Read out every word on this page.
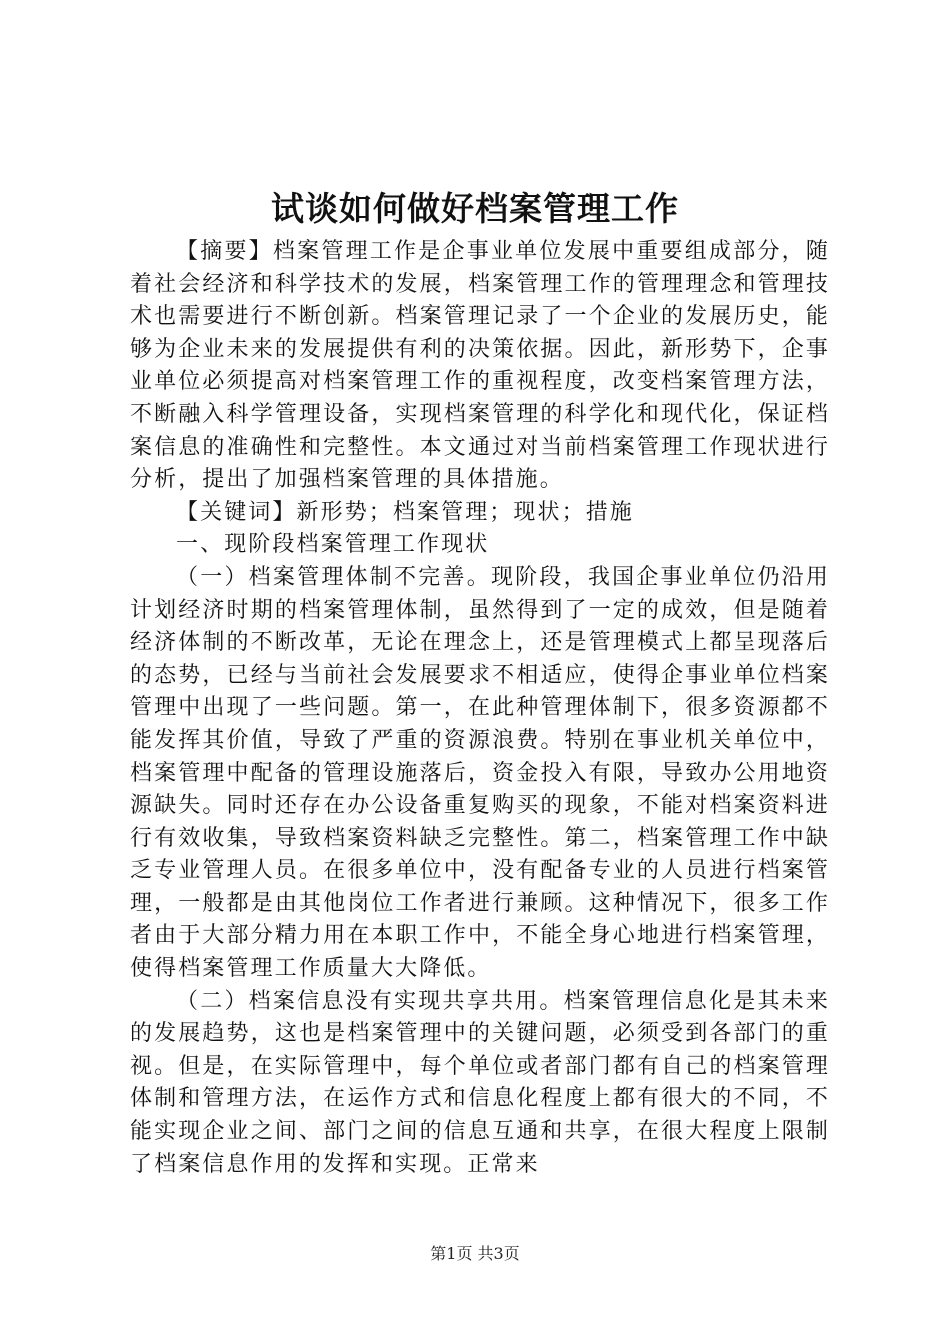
试谈如何做好档案管理工作

【摘要】档案管理工作是企事业单位发展中重要组成部分，随着社会经济和科学技术的发展，档案管理工作的管理理念和管理技术也需要进行不断创新。档案管理记录了一个企业的发展历史，能够为企业未来的发展提供有利的决策依据。因此，新形势下，企事业单位必须提高对档案管理工作的重视程度，改变档案管理方法，不断融入科学管理设备，实现档案管理的科学化和现代化，保证档案信息的准确性和完整性。本文通过对当前档案管理工作现状进行分析，提出了加强档案管理的具体措施。

【关键词】新形势；档案管理；现状；措施

一、现阶段档案管理工作现状

（一）档案管理体制不完善。现阶段，我国企事业单位仍沿用计划经济时期的档案管理体制，虽然得到了一定的成效，但是随着经济体制的不断改革，无论在理念上，还是管理模式上都呈现落后的态势，已经与当前社会发展要求不相适应，使得企事业单位档案管理中出现了一些问题。第一，在此种管理体制下，很多资源都不能发挥其价值，导致了严重的资源浪费。特别在事业机关单位中，档案管理中配备的管理设施落后，资金投入有限，导致办公用地资源缺失。同时还存在办公设备重复购买的现象，不能对档案资料进行有效收集，导致档案资料缺乏完整性。第二，档案管理工作中缺乏专业管理人员。在很多单位中，没有配备专业的人员进行档案管理，一般都是由其他岗位工作者进行兼顾。这种情况下，很多工作者由于大部分精力用在本职工作中，不能全身心地进行档案管理，使得档案管理工作质量大大降低。

（二）档案信息没有实现共享共用。档案管理信息化是其未来的发展趋势，这也是档案管理中的关键问题，必须受到各部门的重视。但是，在实际管理中，每个单位或者部门都有自己的档案管理体制和管理方法，在运作方式和信息化程度上都有很大的不同，不能实现企业之间、部门之间的信息互通和共享，在很大程度上限制了档案信息作用的发挥和实现。正常来

第1页 共3页
